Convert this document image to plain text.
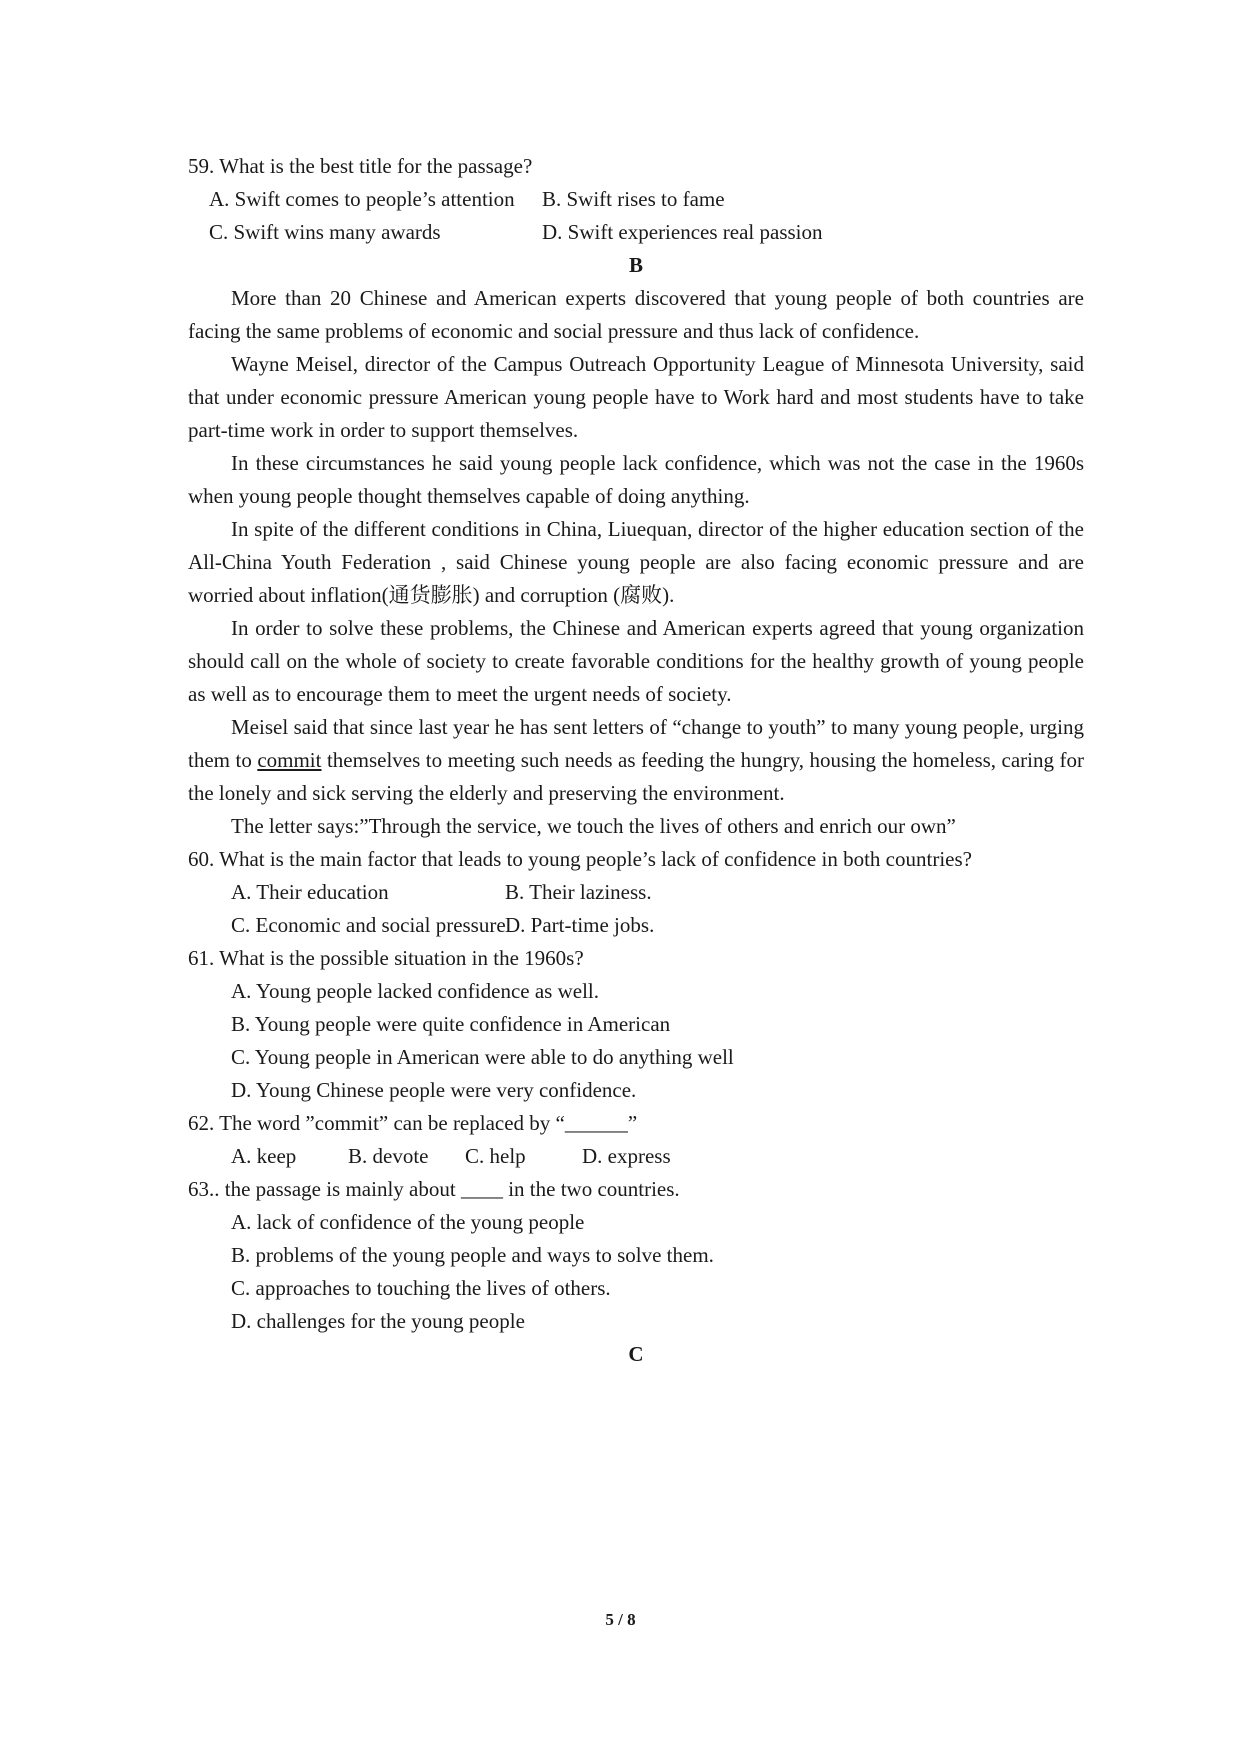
59. What is the best title for the passage?
A. Swift comes to people’s attention	B. Swift rises to fame
C. Swift wins many awards	D. Swift experiences real passion
B

More than 20 Chinese and American experts discovered that young people of both countries are facing the same problems of economic and social pressure and thus lack of confidence.

Wayne Meisel, director of the Campus Outreach Opportunity League of Minnesota University, said that under economic pressure American young people have to Work hard and most students have to take part-time work in order to support themselves.

In these circumstances he said young people lack confidence, which was not the case in the 1960s when young people thought themselves capable of doing anything.

In spite of the different conditions in China, Liuequan, director of the higher education section of the All-China Youth Federation , said Chinese young people are also facing economic pressure and are worried about inflation(通货膨胀) and corruption (腐败).

In order to solve these problems, the Chinese and American experts agreed that young organization should call on the whole of society to create favorable conditions for the healthy growth of young people as well as to encourage them to meet the urgent needs of society.

Meisel said that since last year he has sent letters of “change to youth” to many young people, urging them to commit themselves to meeting such needs as feeding the hungry, housing the homeless, caring for the lonely and sick serving the elderly and preserving the environment.

The letter says:”Through the service, we touch the lives of others and enrich our own”

60. What is the main factor that leads to young people’s lack of confidence in both countries?
A. Their education	B. Their laziness.
C. Economic and social pressure D. Part-time jobs.
61. What is the possible situation in the 1960s?
A. Young people lacked confidence as well.
B. Young people were quite confidence in American
C. Young people in American were able to do anything well
D. Young Chinese people were very confidence.
62. The word ”commit” can be replaced by “______”
A. keep	B. devote	C. help	D. express
63.. the passage is mainly about ____ in the two countries.
A. lack of confidence of the young people
B. problems of the young people and ways to solve them.
C. approaches to touching the lives of others.
D. challenges for the young people
C
5 / 8
